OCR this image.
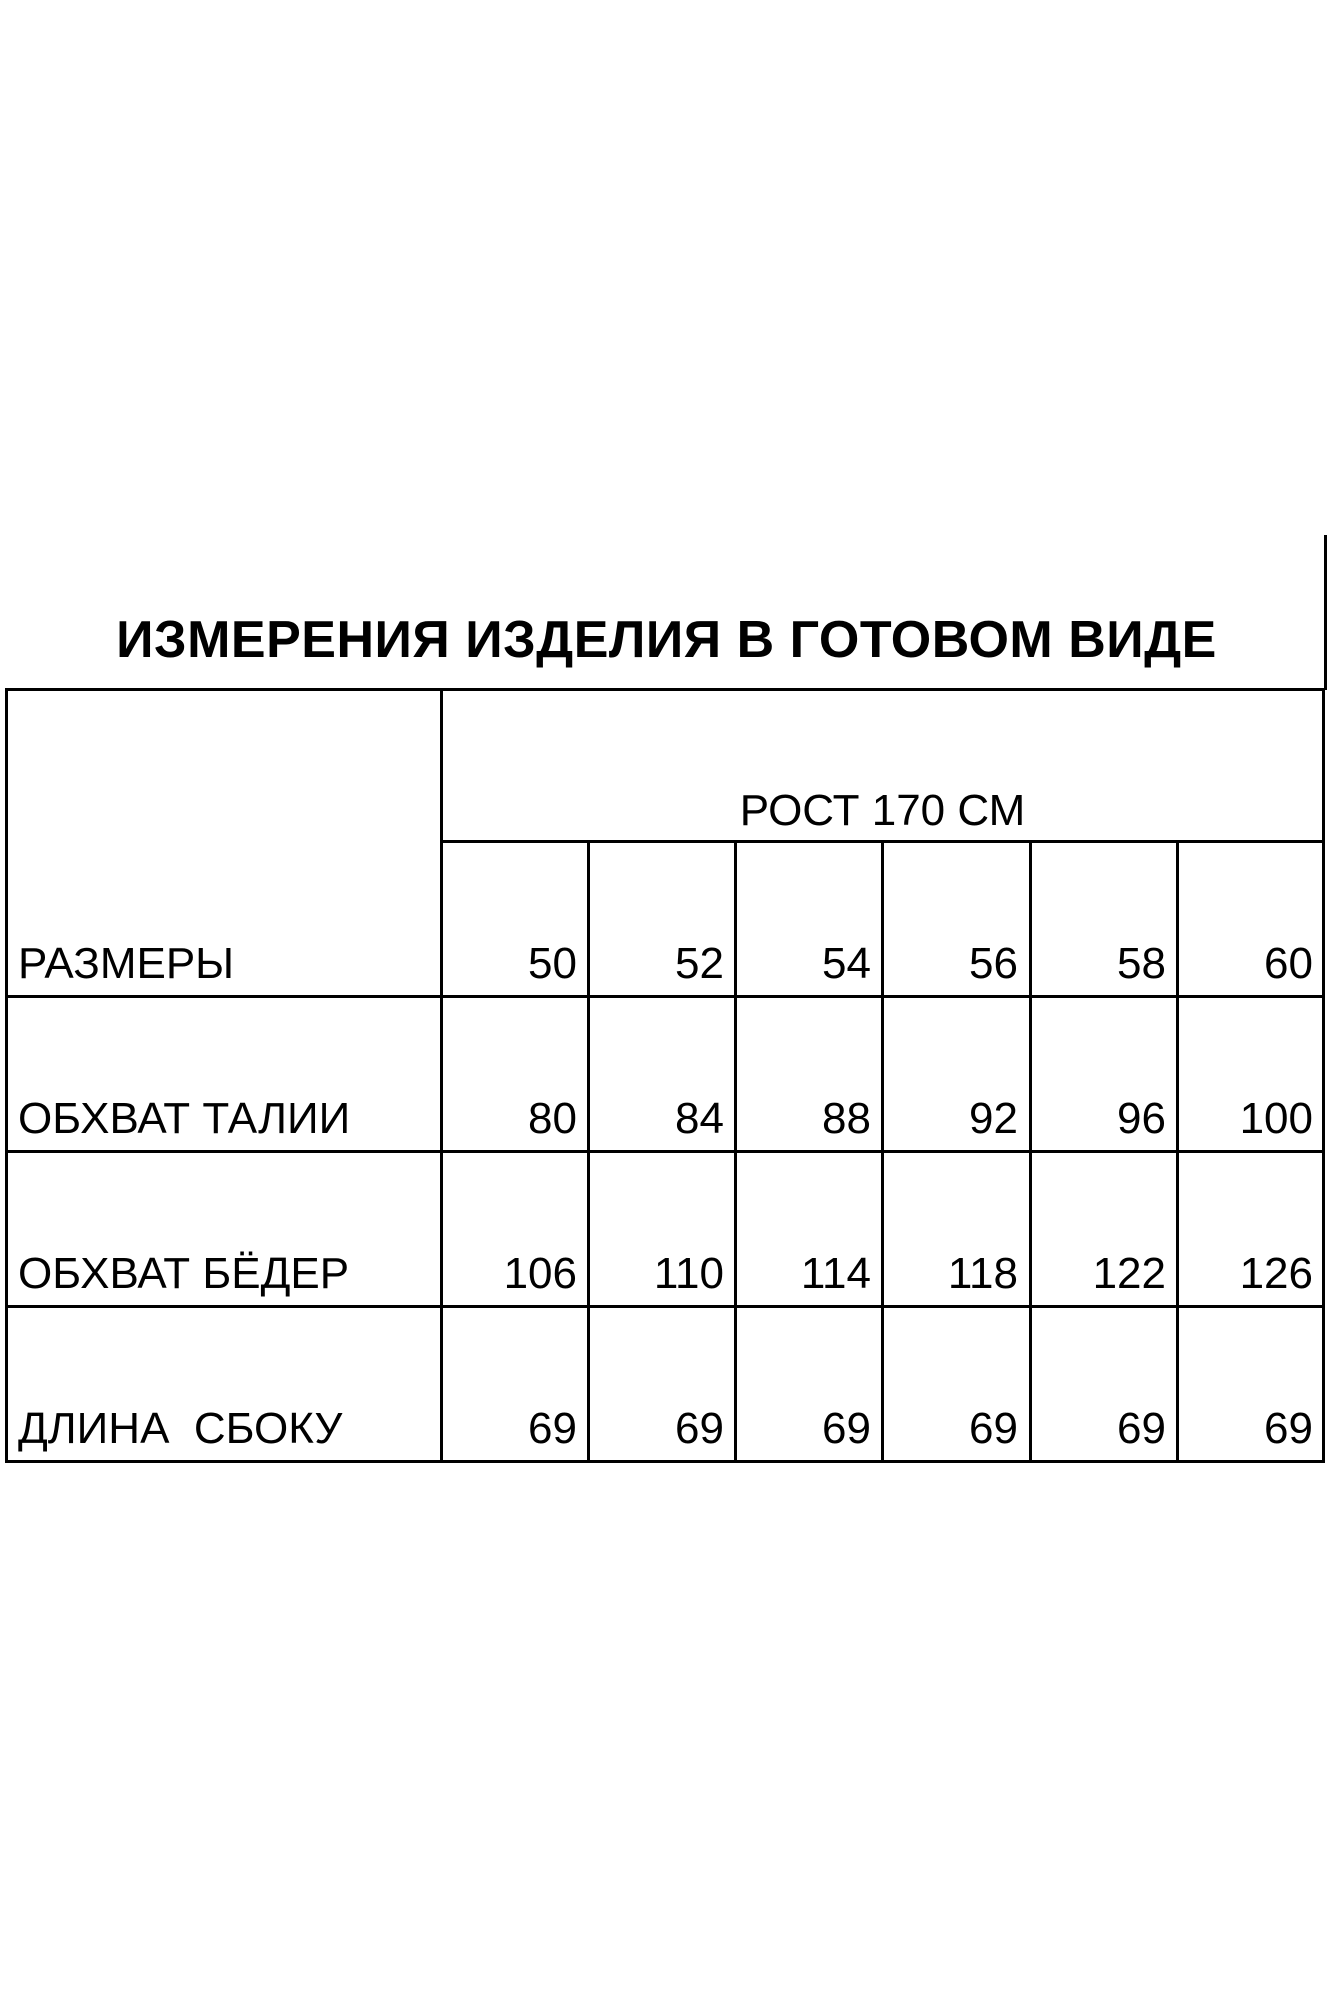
ИЗМЕРЕНИЯ ИЗДЕЛИЯ В ГОТОВОМ ВИДЕ
РОСТ 170 СМ
РАЗМЕРЫ	50	52	54	56	58	60
ОБХВАТ ТАЛИИ	80	84	88	92	96	100
ОБХВАТ БЁДЕР	106	110	114	118	122	126
ДЛИНА  СБОКУ	69	69	69	69	69	69
